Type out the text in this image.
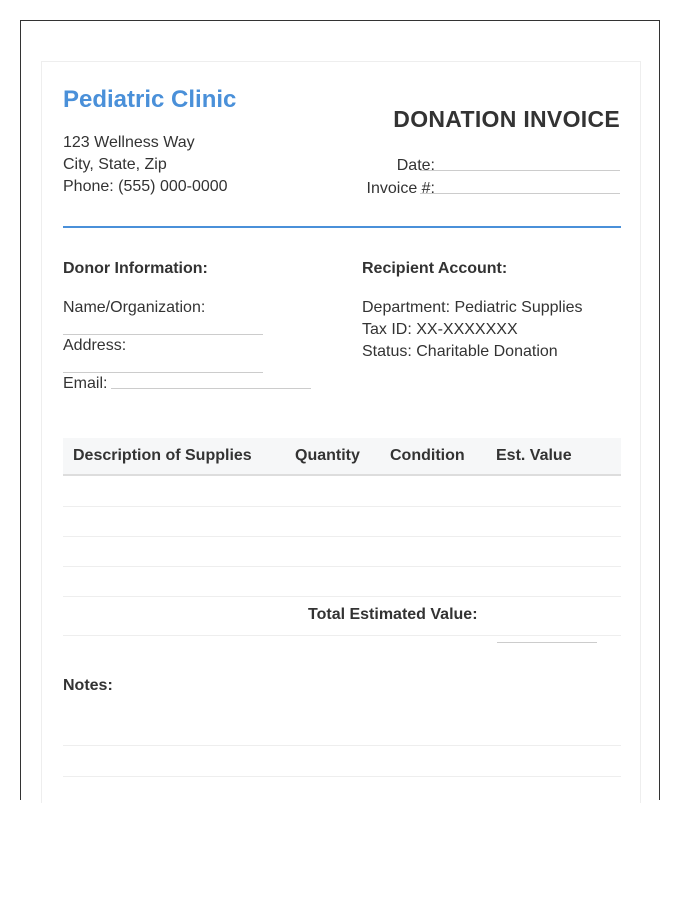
Pediatric Clinic
123 Wellness Way
City, State, Zip
Phone: (555) 000-0000
DONATION INVOICE
Date:
Invoice #:
Donor Information:
Name/Organization:
Address:
Email:
Recipient Account:
Department: Pediatric Supplies
Tax ID: XX-XXXXXXX
Status: Charitable Donation
Description of Supplies	Quantity Condition Est. Value
Total Estimated Value:
Notes:
